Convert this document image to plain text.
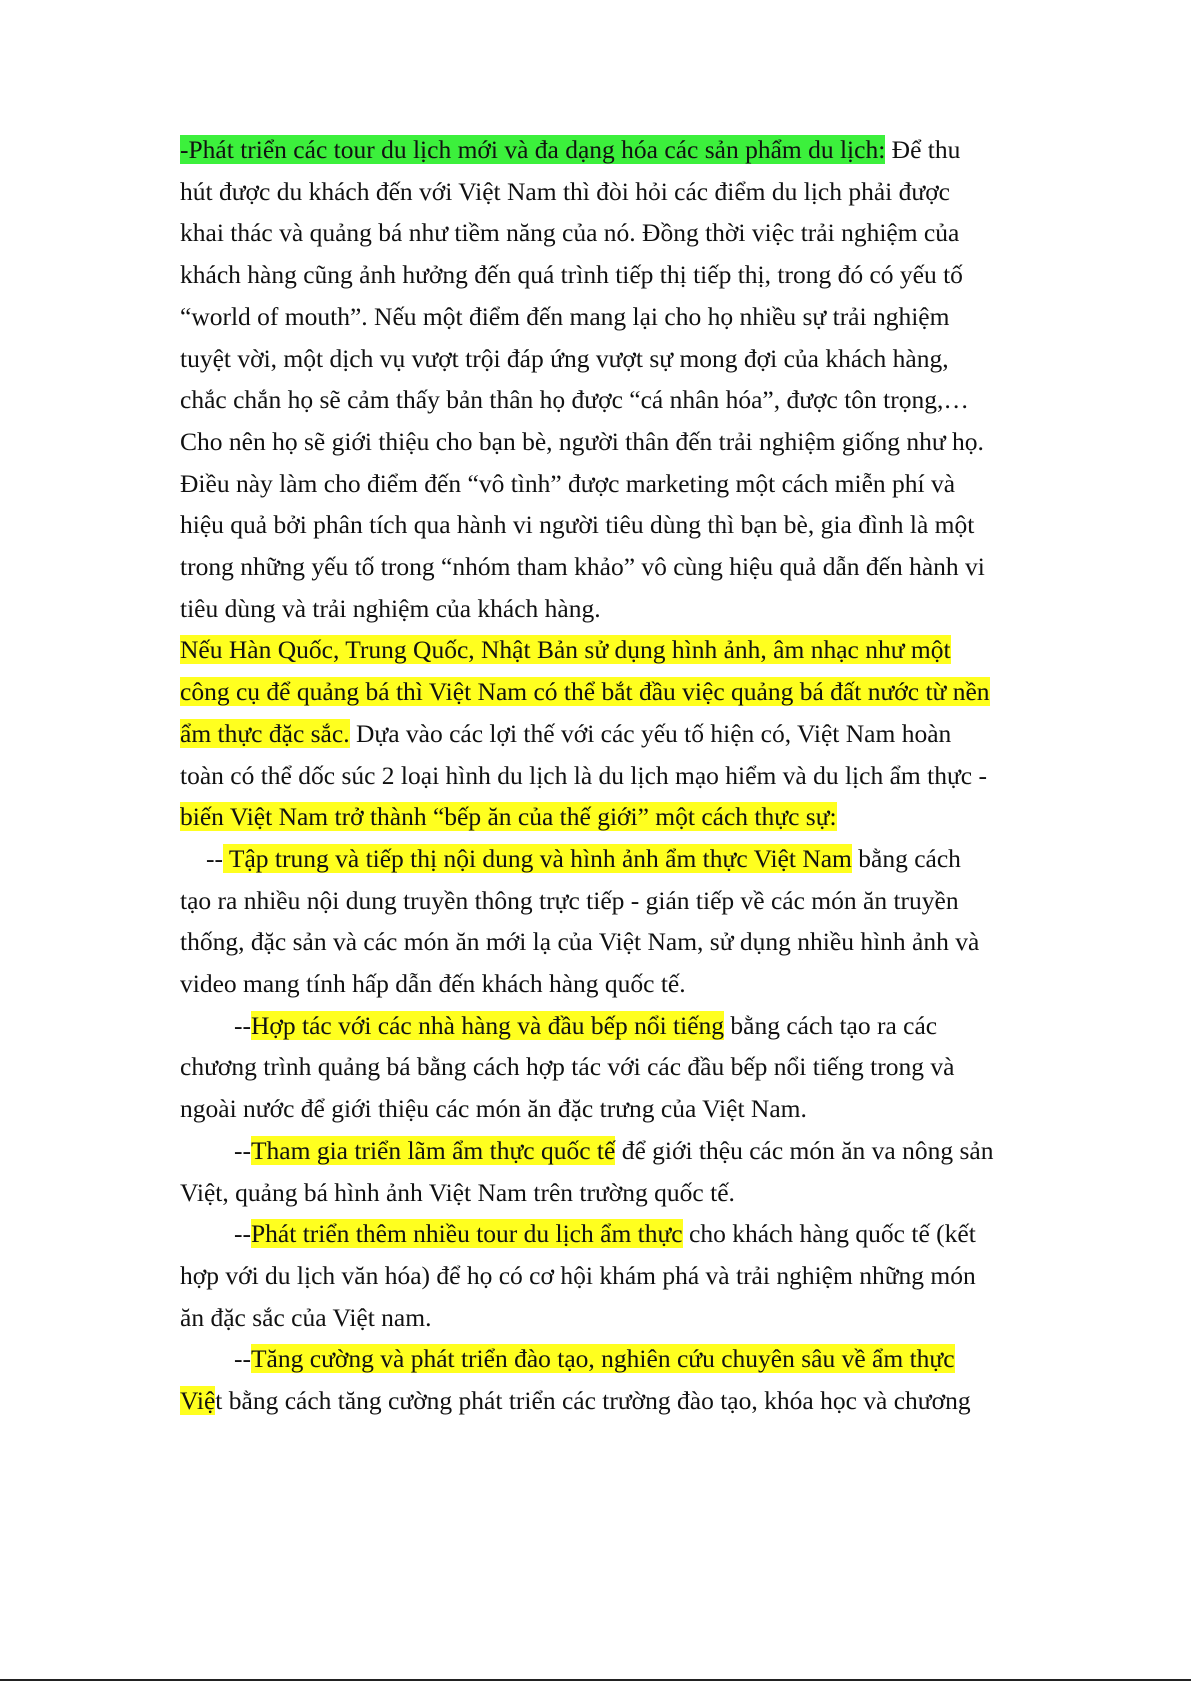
-Phát triển các tour du lịch mới và đa dạng hóa các sản phẩm du lịch: Để thu
hút được du khách đến với Việt Nam thì đòi hỏi các điểm du lịch phải được
khai thác và quảng bá như tiềm năng của nó. Đồng thời việc trải nghiệm của
khách hàng cũng ảnh hưởng đến quá trình tiếp thị tiếp thị, trong đó có yếu tố
“world of mouth”. Nếu một điểm đến mang lại cho họ nhiều sự trải nghiệm
tuyệt vời, một dịch vụ vượt trội đáp ứng vượt sự mong đợi của khách hàng,
chắc chắn họ sẽ cảm thấy bản thân họ được “cá nhân hóa”, được tôn trọng,…
Cho nên họ sẽ giới thiệu cho bạn bè, người thân đến trải nghiệm giống như họ.
Điều này làm cho điểm đến “vô tình” được marketing một cách miễn phí và
hiệu quả bởi phân tích qua hành vi người tiêu dùng thì bạn bè, gia đình là một
trong những yếu tố trong “nhóm tham khảo” vô cùng hiệu quả dẫn đến hành vi
tiêu dùng và trải nghiệm của khách hàng.
Nếu Hàn Quốc, Trung Quốc, Nhật Bản sử dụng hình ảnh, âm nhạc như một
công cụ để quảng bá thì Việt Nam có thể bắt đầu việc quảng bá đất nước từ nền
ẩm thực đặc sắc. Dựa vào các lợi thế với các yếu tố hiện có, Việt Nam hoàn
toàn có thể dốc súc 2 loại hình du lịch là du lịch mạo hiểm và du lịch ẩm thực -
biến Việt Nam trở thành “bếp ăn của thế giới” một cách thực sự:
-- Tập trung và tiếp thị nội dung và hình ảnh ẩm thực Việt Nam bằng cách
tạo ra nhiều nội dung truyền thông trực tiếp - gián tiếp về các món ăn truyền
thống, đặc sản và các món ăn mới lạ của Việt Nam, sử dụng nhiều hình ảnh và
video mang tính hấp dẫn đến khách hàng quốc tế.
--Hợp tác với các nhà hàng và đầu bếp nổi tiếng bằng cách tạo ra các
chương trình quảng bá bằng cách hợp tác với các đầu bếp nổi tiếng trong và
ngoài nước để giới thiệu các món ăn đặc trưng của Việt Nam.
--Tham gia triển lãm ẩm thực quốc tế để giới thệu các món ăn va nông sản
Việt, quảng bá hình ảnh Việt Nam trên trường quốc tế.
--Phát triển thêm nhiều tour du lịch ẩm thực cho khách hàng quốc tế (kết
hợp với du lịch văn hóa) để họ có cơ hội khám phá và trải nghiệm những món
ăn đặc sắc của Việt nam.
--Tăng cường và phát triển đào tạo, nghiên cứu chuyên sâu về ẩm thực
Việt bằng cách tăng cường phát triển các trường đào tạo, khóa học và chương
